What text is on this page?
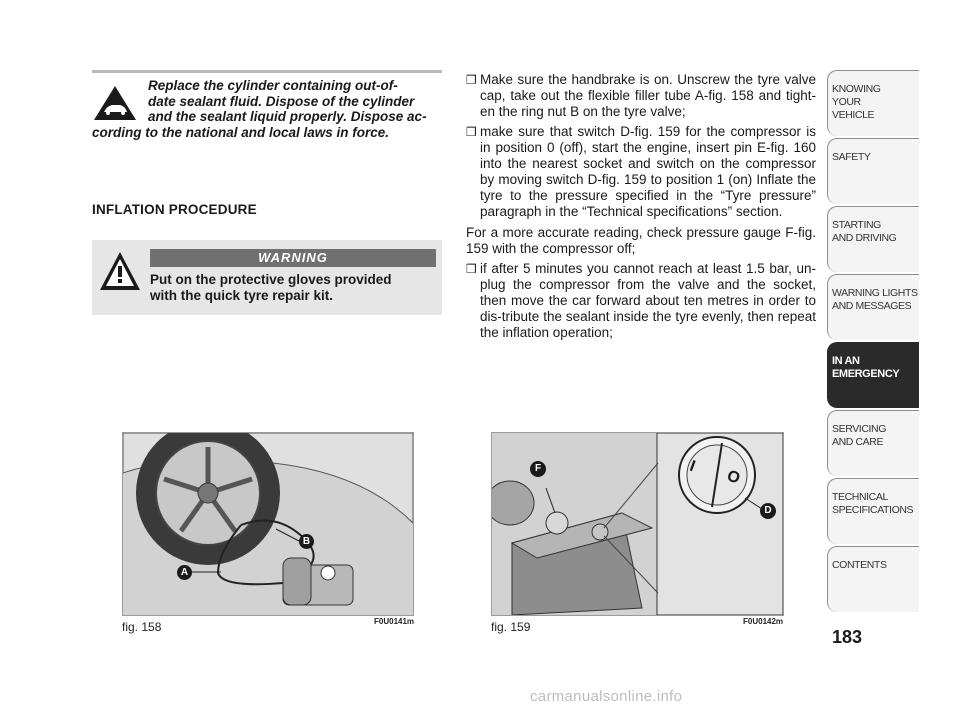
Replace the cylinder containing out-of-
date sealant fluid. Dispose of the cylinder
and the sealant liquid properly. Dispose ac-
cording to the national and local laws in force.
INFLATION PROCEDURE
WARNING
Put on the protective gloves provided
with the quick tyre repair kit.
❒ Make sure the handbrake is on. Unscrew the tyre valve cap, take out the flexible filler tube A-fig. 158 and tight-en the ring nut B on the tyre valve;
❒ make sure that switch D-fig. 159 for the compressor is in position 0 (off), start the engine, insert pin E-fig. 160 into the nearest socket and switch on the compressor by moving switch D-fig. 159 to position 1 (on) Inflate the tyre to the pressure specified in the “Tyre pressure” paragraph in the “Technical specifications” section.

For a more accurate reading, check pressure gauge F-fig. 159 with the compressor off;

❒ if after 5 minutes you cannot reach at least 1.5 bar, un-plug the compressor from the valve and the socket, then move the car forward about ten metres in order to dis-tribute the sealant inside the tyre evenly, then repeat the inflation operation;
A
B
fig. 158	F0U0141m
I
O
F
D
fig. 159	F0U0142m
KNOWING
YOUR
VEHICLE
SAFETY
STARTING
AND DRIVING
WARNING LIGHTS
AND MESSAGES
IN AN
EMERGENCY
SERVICING
AND CARE
TECHNICAL
SPECIFICATIONS
CONTENTS
183
carmanualsonline.info
